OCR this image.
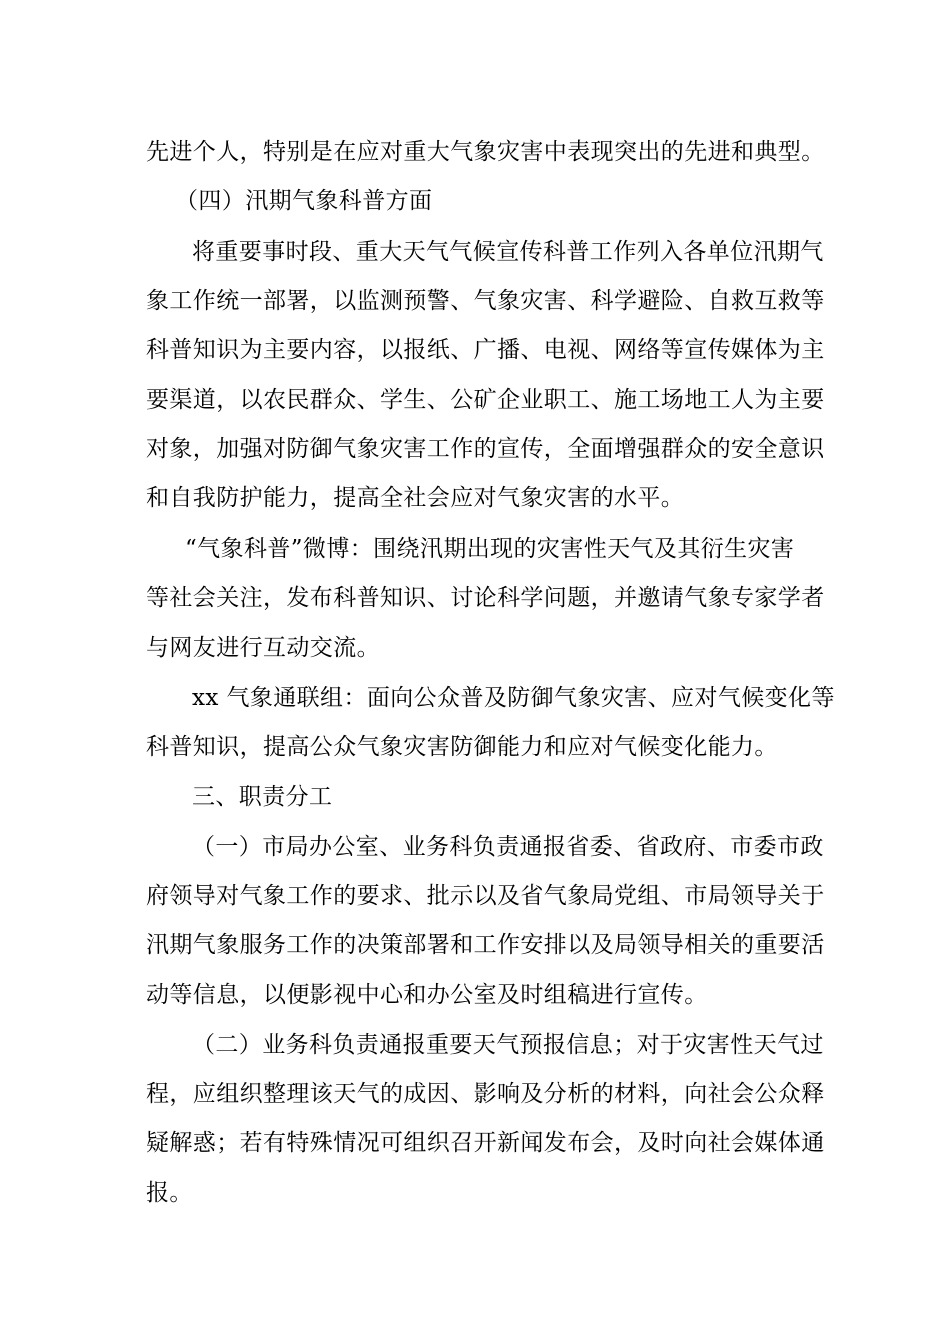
先进个人，特别是在应对重大气象灾害中表现突出的先进和典型。
（四）汛期气象科普方面
将重要事时段、重大天气气候宣传科普工作列入各单位汛期气
象工作统一部署，以监测预警、气象灾害、科学避险、自救互救等
科普知识为主要内容，以报纸、广播、电视、网络等宣传媒体为主
要渠道，以农民群众、学生、公矿企业职工、施工场地工人为主要
对象，加强对防御气象灾害工作的宣传，全面增强群众的安全意识
和自我防护能力，提高全社会应对气象灾害的水平。
“气象科普”微博：围绕汛期出现的灾害性天气及其衍生灾害
等社会关注，发布科普知识、讨论科学问题，并邀请气象专家学者
与网友进行互动交流。
xx 气象通联组：面向公众普及防御气象灾害、应对气候变化等
科普知识，提高公众气象灾害防御能力和应对气候变化能力。
三、职责分工
（一）市局办公室、业务科负责通报省委、省政府、市委市政
府领导对气象工作的要求、批示以及省气象局党组、市局领导关于
汛期气象服务工作的决策部署和工作安排以及局领导相关的重要活
动等信息，以便影视中心和办公室及时组稿进行宣传。
（二）业务科负责通报重要天气预报信息；对于灾害性天气过
程，应组织整理该天气的成因、影响及分析的材料，向社会公众释
疑解惑；若有特殊情况可组织召开新闻发布会，及时向社会媒体通
报。
